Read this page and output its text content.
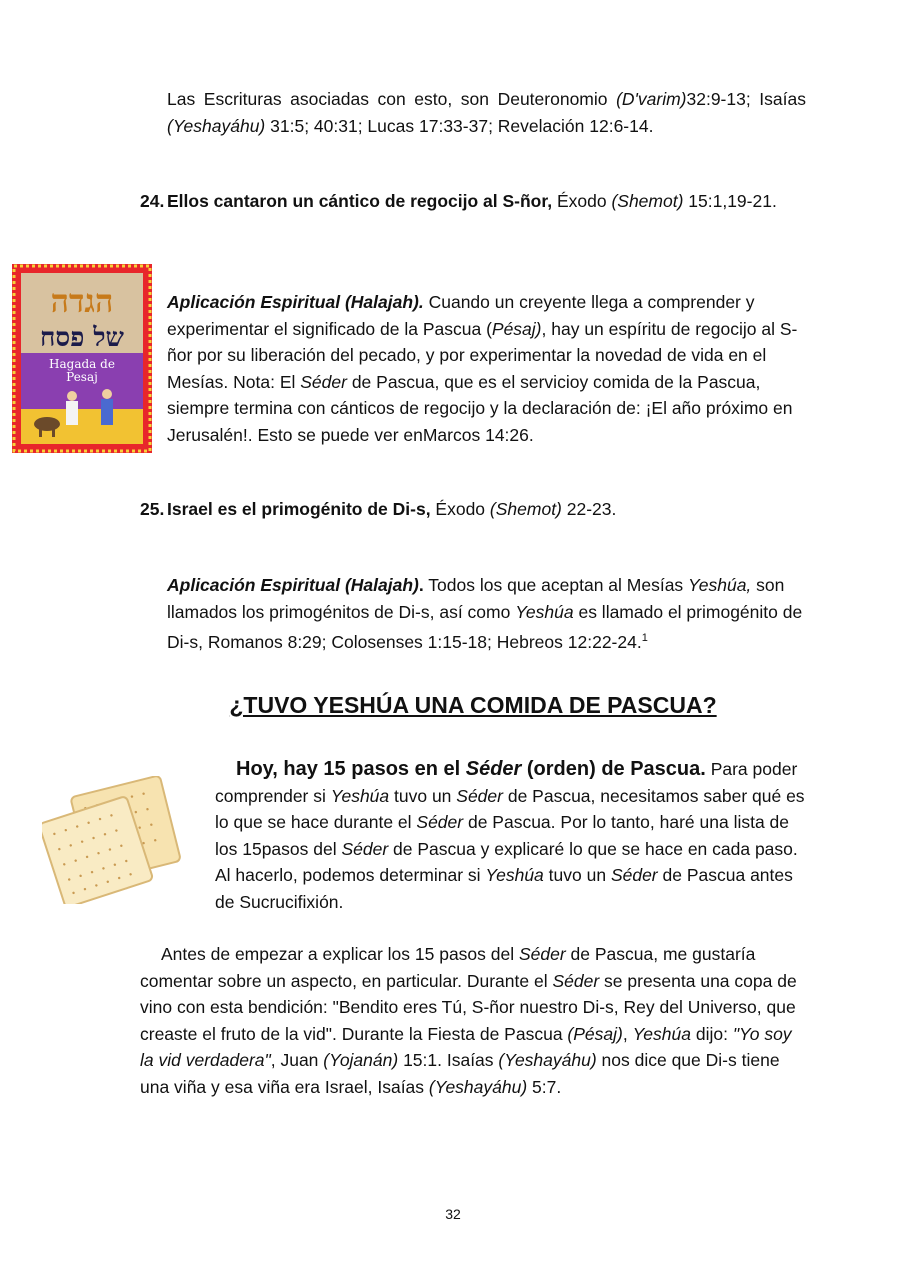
Las Escrituras asociadas con esto, son Deuteronomio (D'varim)32:9-13; Isaías (Yeshayáhu) 31:5; 40:31; Lucas 17:33-37; Revelación 12:6-14.

24. Ellos cantaron un cántico de regocijo al S-ñor, Éxodo (Shemot) 15:1,19-21.

הגדה
של פסח
Hagada de
Pesaj

Aplicación Espiritual (Halajah). Cuando un creyente llega a comprender y experimentar el significado de la Pascua (Pésaj), hay un espíritu de regocijo al S-ñor por su liberación del pecado, y por experimentar la novedad de vida en el Mesías. Nota: El Séder de Pascua, que es el servicioy comida de la Pascua, siempre termina con cánticos de regocijo y la declaración de: ¡El año próximo en Jerusalén!. Esto se puede ver enMarcos 14:26.

25. Israel es el primogénito de Di-s, Éxodo (Shemot) 22-23.

Aplicación Espiritual (Halajah). Todos los que aceptan al Mesías Yeshúa, son llamados los primogénitos de Di-s, así como Yeshúa es llamado el primogénito de Di-s, Romanos 8:29; Colosenses 1:15-18; Hebreos 12:22-24.$^1$

¿TUVO YESHÚA UNA COMIDA DE PASCUA?

Hoy, hay 15 pasos en el Séder (orden) de Pascua. Para poder comprender si Yeshúa tuvo un Séder de Pascua, necesitamos saber qué es lo que se hace durante el Séder de Pascua. Por lo tanto, haré una lista de los 15pasos del Séder de Pascua y explicaré lo que se hace en cada paso. Al hacerlo, podemos determinar si Yeshúa tuvo un Séder de Pascua antes de Sucrucifixión.

Antes de empezar a explicar los 15 pasos del Séder de Pascua, me gustaría comentar sobre un aspecto, en particular. Durante el Séder se presenta una copa de vino con esta bendición: "Bendito eres Tú, S-ñor nuestro Di-s, Rey del Universo, que creaste el fruto de la vid". Durante la Fiesta de Pascua (Pésaj), Yeshúa dijo: "Yo soy la vid verdadera", Juan (Yojanán) 15:1. Isaías (Yeshayáhu) nos dice que Di-s tiene una viña y esa viña era Israel, Isaías (Yeshayáhu) 5:7.

32
